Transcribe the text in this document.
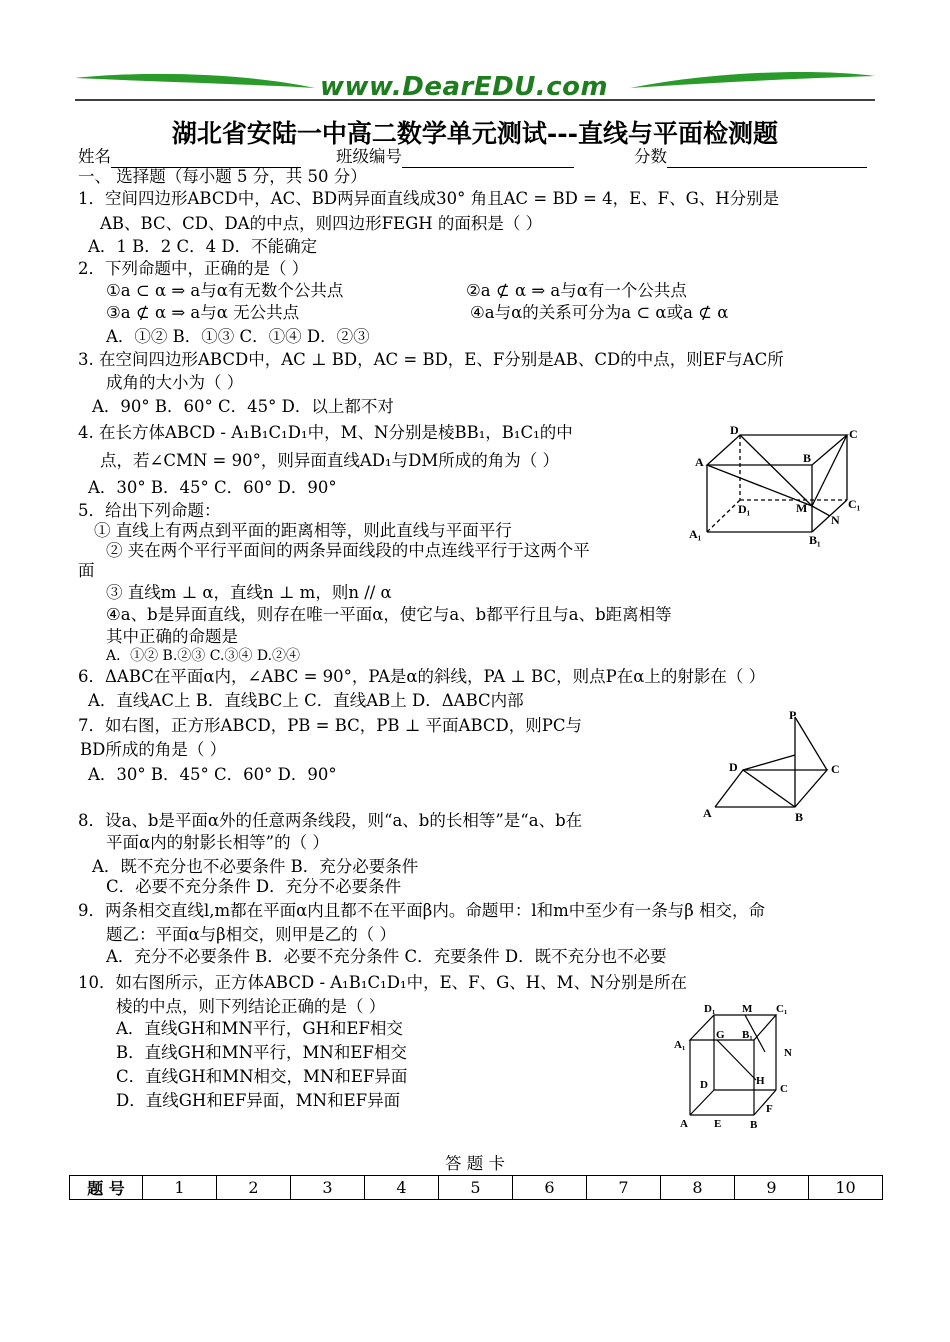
www.DearEDU.com
湖北省安陆一中高二数学单元测试---直线与平面检测题
姓名	班级编号	分数
一、 选择题（每小题 5 分，共 50 分）
1．空间四边形ABCD中，AC、BD两异面直线成30° 角且AC = BD = 4，E、F、G、H分别是
AB、BC、CD、DA的中点，则四边形FEGH 的面积是（ ）
A．1 B．2 C．4 D．不能确定
2．下列命题中，正确的是（ ）
①a ⊂ α ⇒ a与α有无数个公共点	②a ⊄ α ⇒ a与α有一个公共点
③a ⊄ α ⇒ a与α 无公共点	④a与α的关系可分为a ⊂ α或a ⊄ α
A．①② B．①③ C．①④ D．②③
3. 在空间四边形ABCD中，AC ⊥ BD，AC = BD，E、F分别是AB、CD的中点，则EF与AC所
成角的大小为（ ）
A．90° B．60° C．45° D．以上都不对
4. 在长方体ABCD - A₁B₁C₁D₁中，M、N分别是棱BB₁，B₁C₁的中
点，若∠CMN = 90°，则异面直线AD₁与DM所成的角为（ ）
A．30° B．45° C．60° D．90°
5．给出下列命题：
① 直线上有两点到平面的距离相等，则此直线与平面平行
② 夹在两个平行平面间的两条异面线段的中点连线平行于这两个平
面
③ 直线m ⊥ α，直线n ⊥ m，则n // α
④a、b是异面直线，则存在唯一平面α，使它与a、b都平行且与a、b距离相等
其中正确的命题是
A．①② B.②③ C.③④ D.②④
6．ΔABC在平面α内，∠ABC = 90°，PA是α的斜线，PA ⊥ BC，则点P在α上的射影在（ ）
A．直线AC上 B．直线BC上 C．直线AB上 D．ΔABC内部
7．如右图，正方形ABCD，PB = BC，PB ⊥ 平面ABCD，则PC与
BD所成的角是（ ）
A．30° B．45° C．60° D．90°
8．设a、b是平面α外的任意两条线段，则“a、b的长相等”是“a、b在
平面α内的射影长相等”的（ ）
A．既不充分也不必要条件 B．充分必要条件
C．必要不充分条件 D．充分不必要条件
9．两条相交直线l,m都在平面α内且都不在平面β内。命题甲：l和m中至少有一条与β 相交，命
题乙：平面α与β相交，则甲是乙的（ ）
A．充分不必要条件 B．必要不充分条件 C．充要条件 D．既不充分也不必要
10．如右图所示，正方体ABCD - A₁B₁C₁D₁中，E、F、G、H、M、N分别是所在
棱的中点，则下列结论正确的是（ ）
A．直线GH和MN平行，GH和EF相交
B．直线GH和MN平行，MN和EF相交
C．直线GH和MN相交，MN和EF异面
D．直线GH和EF异面，MN和EF异面
D	C
A	B
C₁
D₁	M
N
A₁	B₁
P
D	C
A	B
D₁ M C₁
A₁
G B₁
N
D	H
C
A E
F
B
答 题 卡
题 号	1	2	3	4	5	6	7	8	9	10
